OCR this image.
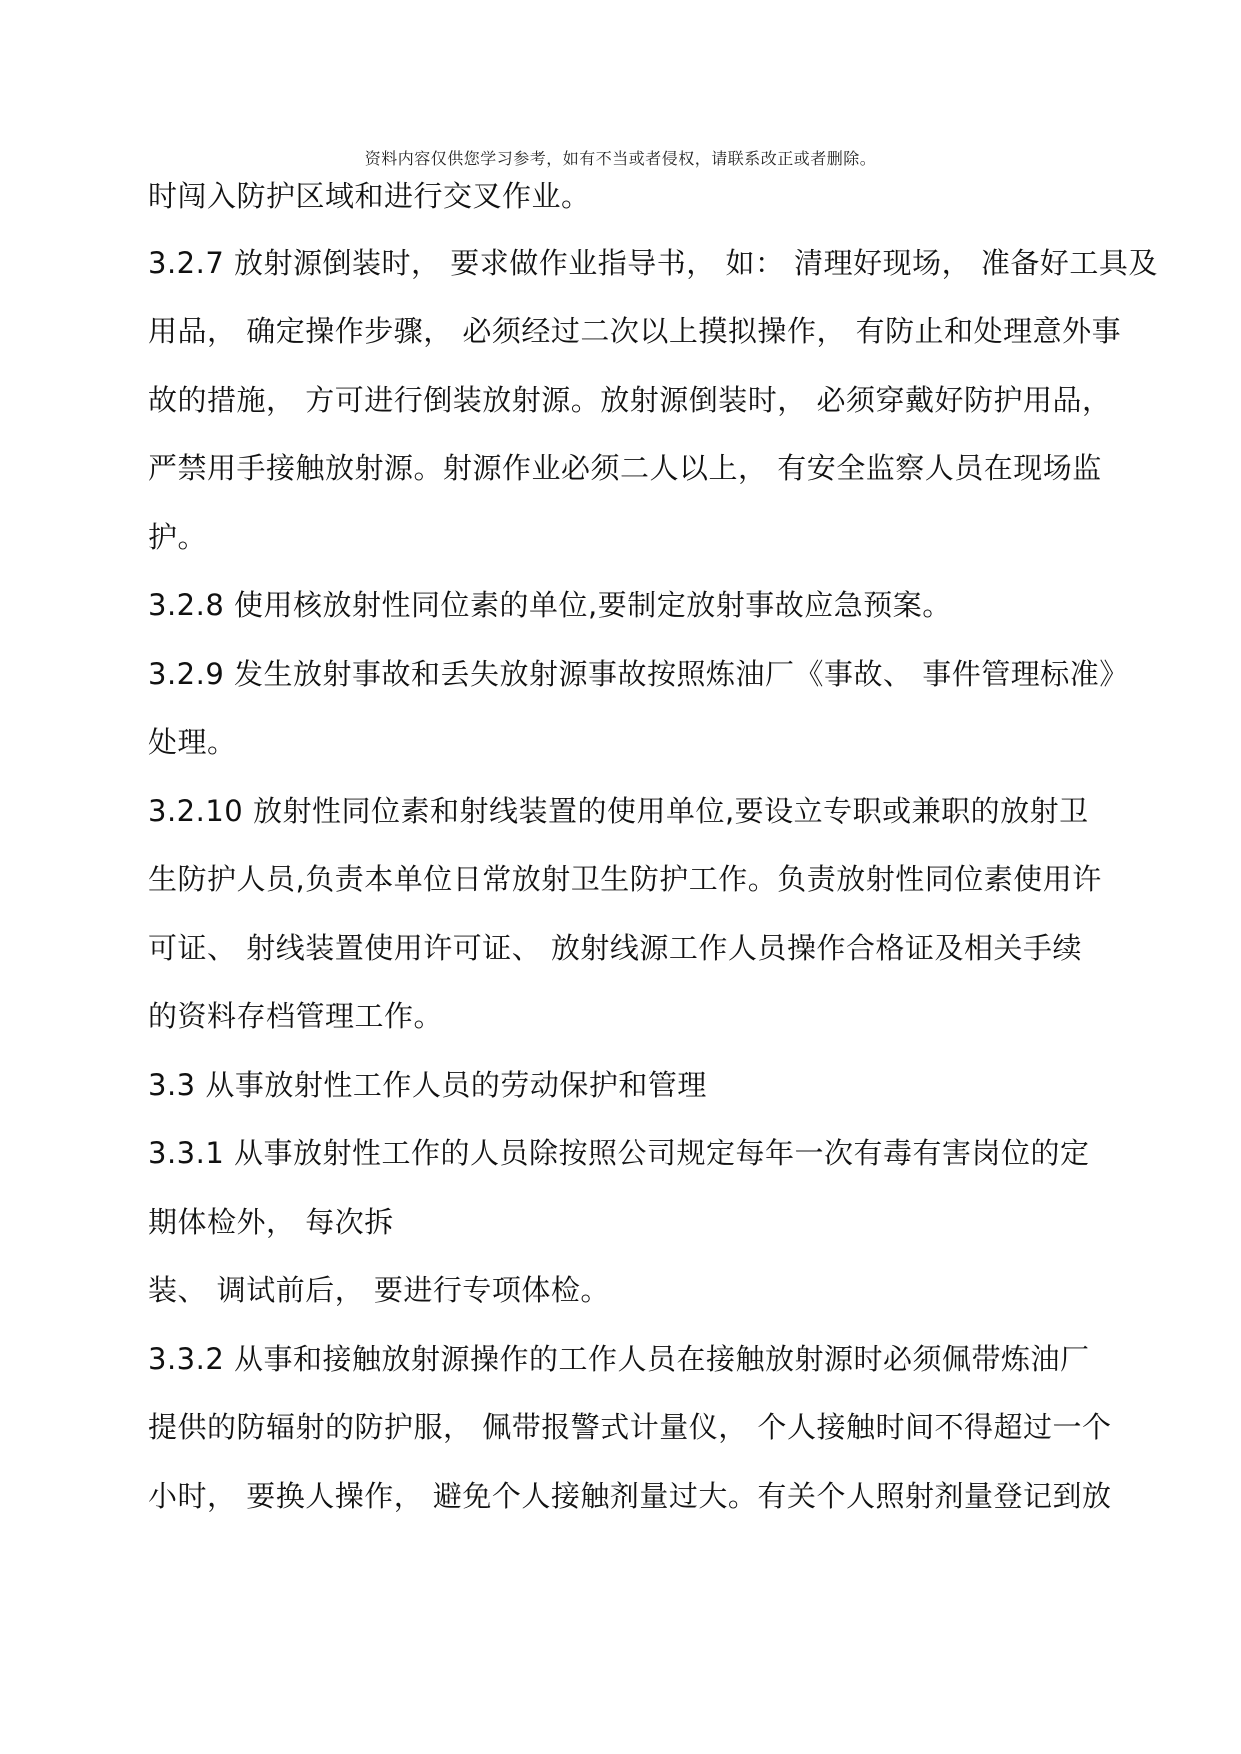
资料内容仅供您学习参考，如有不当或者侵权，请联系改正或者删除。
时闯入防护区域和进行交叉作业。
3.2.7 放射源倒装时， 要求做作业指导书， 如： 清理好现场， 准备好工具及
用品， 确定操作步骤， 必须经过二次以上摸拟操作， 有防止和处理意外事
故的措施， 方可进行倒装放射源。放射源倒装时， 必须穿戴好防护用品，
严禁用手接触放射源。射源作业必须二人以上， 有安全监察人员在现场监
护。
3.2.8 使用核放射性同位素的单位,要制定放射事故应急预案。
3.2.9 发生放射事故和丢失放射源事故按照炼油厂《事故、 事件管理标准》
处理。
3.2.10 放射性同位素和射线装置的使用单位,要设立专职或兼职的放射卫
生防护人员,负责本单位日常放射卫生防护工作。负责放射性同位素使用许
可证、 射线装置使用许可证、 放射线源工作人员操作合格证及相关手续
的资料存档管理工作。
3.3 从事放射性工作人员的劳动保护和管理
3.3.1 从事放射性工作的人员除按照公司规定每年一次有毒有害岗位的定
期体检外， 每次拆
装、 调试前后， 要进行专项体检。
3.3.2 从事和接触放射源操作的工作人员在接触放射源时必须佩带炼油厂
提供的防辐射的防护服， 佩带报警式计量仪， 个人接触时间不得超过一个
小时， 要换人操作， 避免个人接触剂量过大。有关个人照射剂量登记到放
